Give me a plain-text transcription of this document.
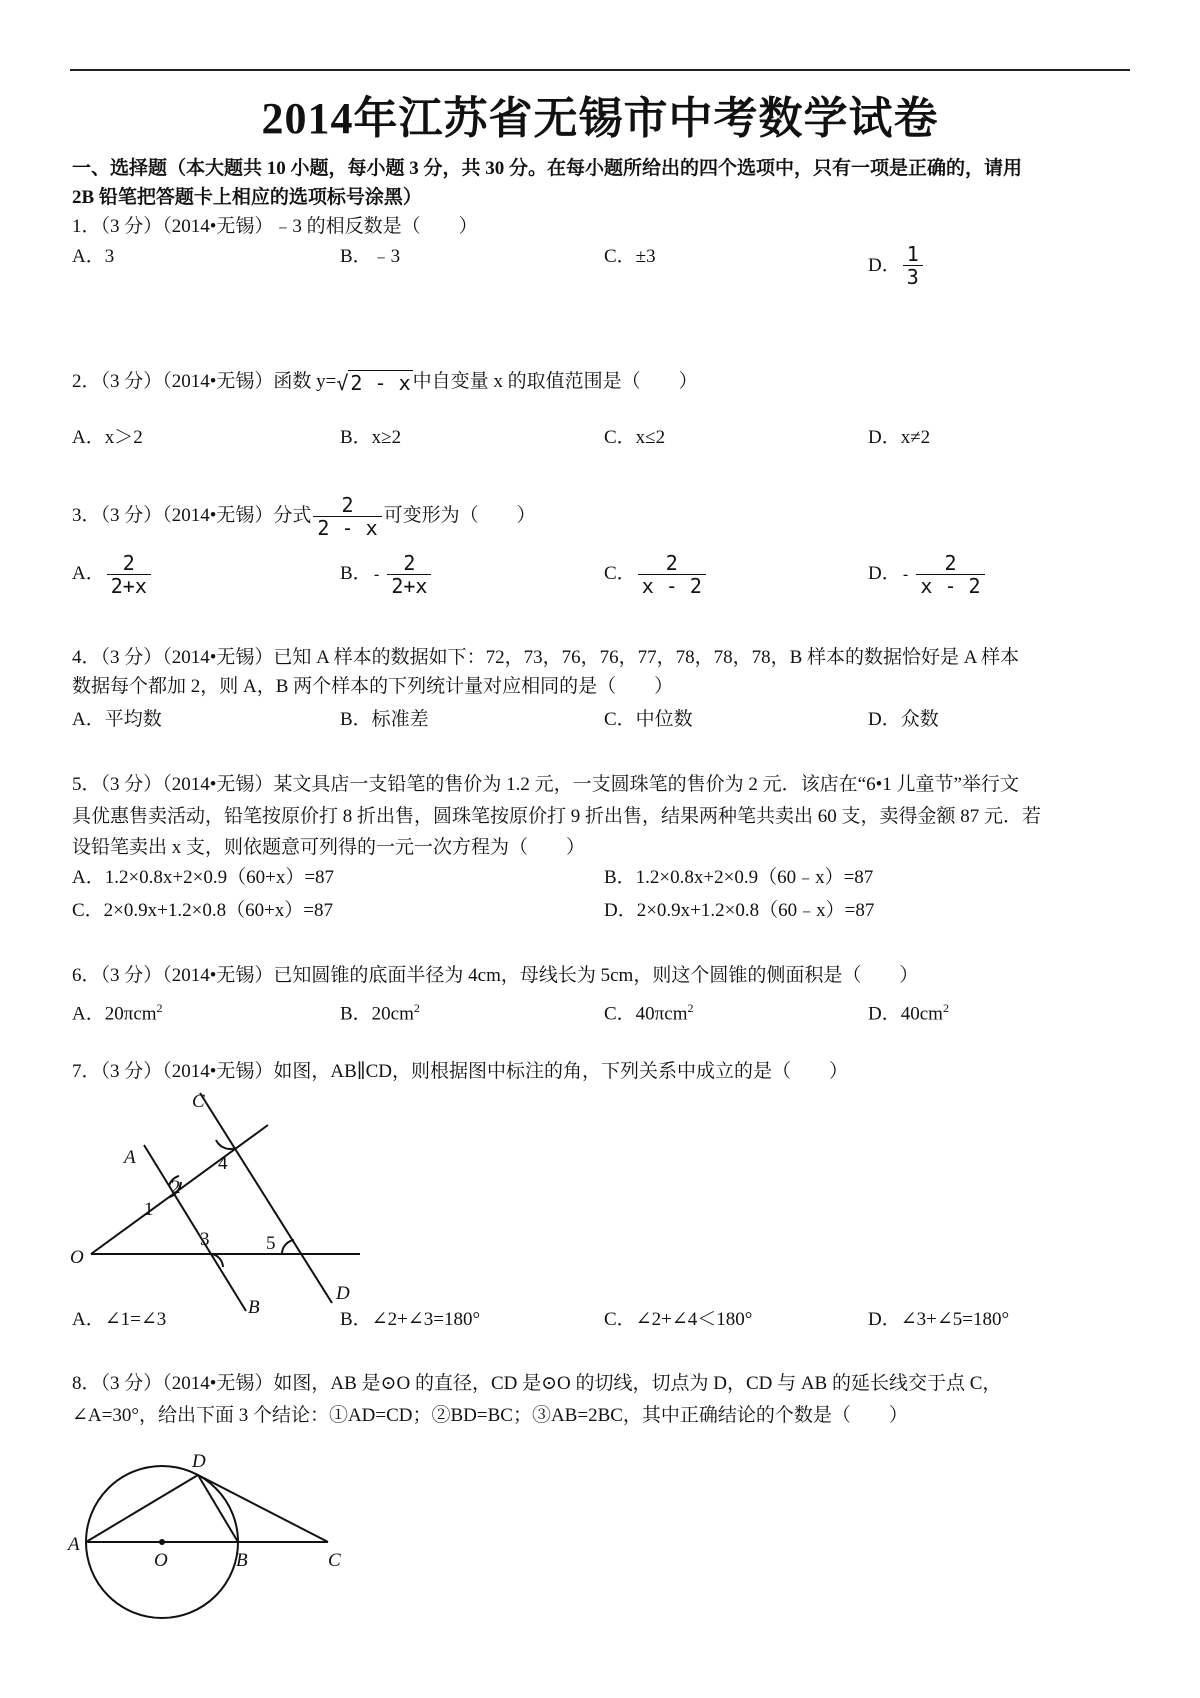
2014年江苏省无锡市中考数学试卷
一、选择题（本大题共 10 小题，每小题 3 分，共 30 分。在每小题所给出的四个选项中，只有一项是正确的，请用
2B 铅笔把答题卡上相应的选项标号涂黑）
1．（3 分）（2014•无锡）﹣3 的相反数是（　　）
A．3	B．﹣3	C．±3	D． $\frac{1}{3}$
2．（3 分）（2014•无锡）函数 y=√ 2 - x 中自变量 x 的取值范围是（　　）
A．x＞2	B．x≥2	C．x≤2	D．x≠2
3．（3 分）（2014•无锡）分式 $\frac{2}{2 - x}$ 可变形为（　　）
A． $\frac{2}{2+x}$	B．- $\frac{2}{2+x}$	C． $\frac{2}{x - 2}$	D．- $\frac{2}{x - 2}$
4．（3 分）（2014•无锡）已知 A 样本的数据如下：72，73，76，76，77，78，78，78，B 样本的数据恰好是 A 样本
数据每个都加 2，则 A，B 两个样本的下列统计量对应相同的是（　　）
A．平均数	B．标准差	C．中位数	D．众数
5．（3 分）（2014•无锡）某文具店一支铅笔的售价为 1.2 元，一支圆珠笔的售价为 2 元．该店在“6•1 儿童节”举行文
具优惠售卖活动，铅笔按原价打 8 折出售，圆珠笔按原价打 9 折出售，结果两种笔共卖出 60 支，卖得金额 87 元．若
设铅笔卖出 x 支，则依题意可列得的一元一次方程为（　　）
A．1.2×0.8x+2×0.9（60+x）=87	B．1.2×0.8x+2×0.9（60﹣x）=87
C．2×0.9x+1.2×0.8（60+x）=87	D．2×0.9x+1.2×0.8（60﹣x）=87
6．（3 分）（2014•无锡）已知圆锥的底面半径为 4cm，母线长为 5cm，则这个圆锥的侧面积是（　　）
A．20πcm$^2$	B．$20cm^2$	C．40πcm$^2$	D．$40cm^2$
7．（3 分）（2014•无锡）如图，AB∥CD，则根据图中标注的角，下列关系中成立的是（　　）
C
A	4
2
1
3	5
O
B
D
A．∠1=∠3	B．∠2+∠3=180°	C．∠2+∠4＜180°	D．∠3+∠5=180°
8．（3 分）（2014•无锡）如图，AB 是⊙O 的直径，CD 是⊙O 的切线，切点为 D，CD 与 AB 的延长线交于点 C，
∠A=30°，给出下面 3 个结论：①AD=CD；②BD=BC；③AB=2BC，其中正确结论的个数是（　　）
D
A
O	B	C
